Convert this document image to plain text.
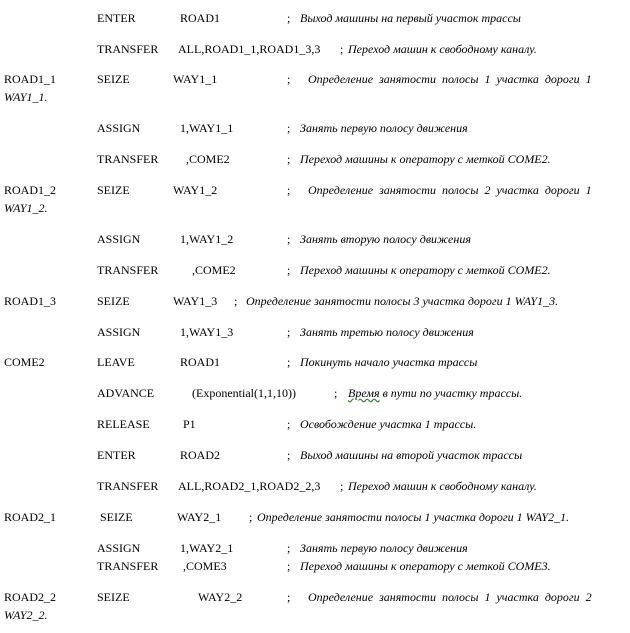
ENTER	ROAD1	; Выход машины на первый участок трассы
TRANSFER ALL,ROAD1_1,ROAD1_3,3 ; Переход машин к свободному каналу.
ROAD1_1	SEIZE	WAY1_1	; Определение занятости полосы 1 участка дороги 1
WAY1_1.
ASSIGN	1,WAY1_1	; Занять первую полосу движения
TRANSFER ,COME2	; Переход машины к оператору с меткой COME2.
ROAD1_2	SEIZE	WAY1_2	; Определение занятости полосы 2 участка дороги 1
WAY1_2.
ASSIGN	1,WAY1_2	; Занять вторую полосу движения
TRANSFER	,COME2	; Переход машины к оператору с меткой COME2.
ROAD1_3	SEIZE	WAY1_3 ; Определение занятости полосы 3 участка дороги 1 WAY1_3.
ASSIGN	1,WAY1_3	; Занять третью полосу движения
COME2	LEAVE	ROAD1	; Покинуть начало участка трассы
ADVANCE	(Exponential(1,1,10))	; Время в пути по участку трассы.
RELEASE	P1	; Освобождение участка 1 трассы.
ENTER	ROAD2	; Выход машины на второй участок трассы
TRANSFER ALL,ROAD2_1,ROAD2_2,3 ; Переход машин к свободному каналу.
ROAD2_1	SEIZE	WAY2_1 ; Определение занятости полосы 1 участка дороги 1 WAY2_1.
ASSIGN	1,WAY2_1	; Занять первую полосу движения
TRANSFER ,COME3	; Переход машины к оператору с меткой COME3.
ROAD2_2	SEIZE	WAY2_2	; Определение занятости полосы 1 участка дороги 2
WAY2_2.
